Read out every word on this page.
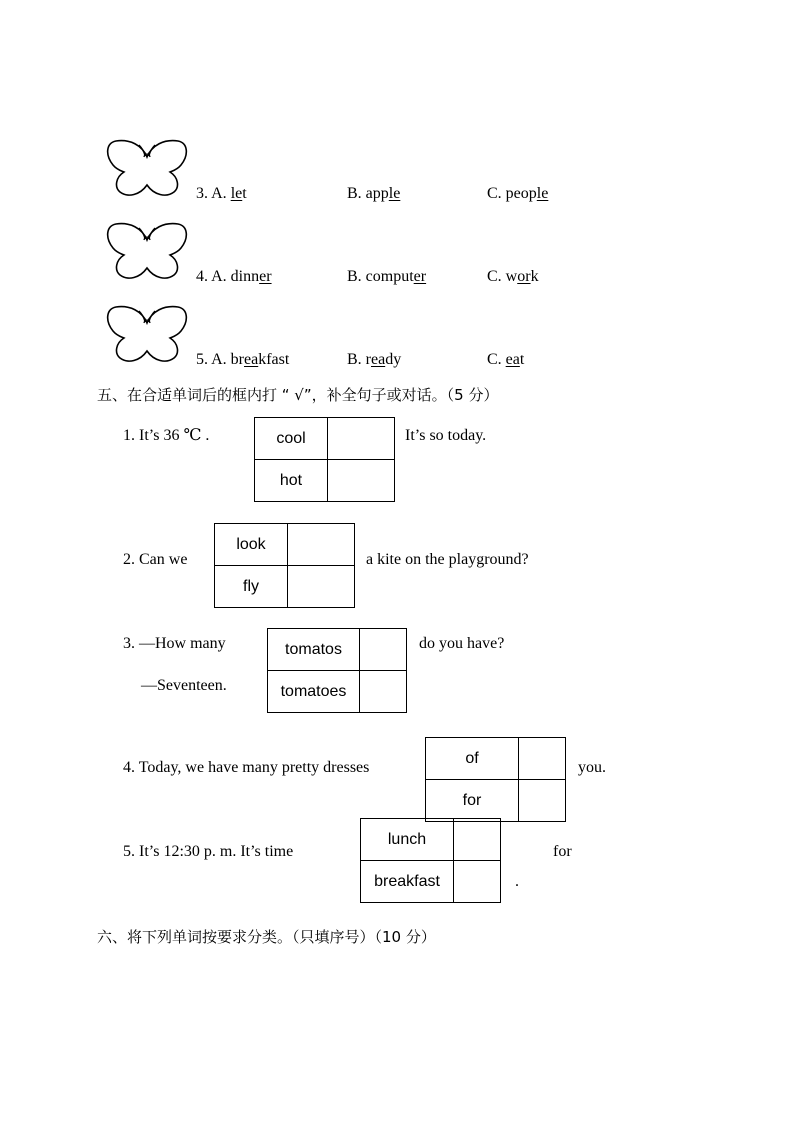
3. A. let	B. apple	C. people
4. A. dinner	B. computer	C. work
5. A. breakfast	B. ready	C. eat
五、在合适单词后的框内打 “ √”，补全句子或对话。（5 分）
1. It’s 36 ℃ .	cool	
hot	
It’s so today.
2. Can we
look	
fly	
a kite on the playground?
3. —How many	tomatos	
tomatoes	
do you have?
—Seventeen.
4. Today, we have many pretty dresses
of	
for	
you.
5. It’s 12:30 p. m. It’s time
lunch	
breakfast	
for
.
六、将下列单词按要求分类。（只填序号）（10 分）
